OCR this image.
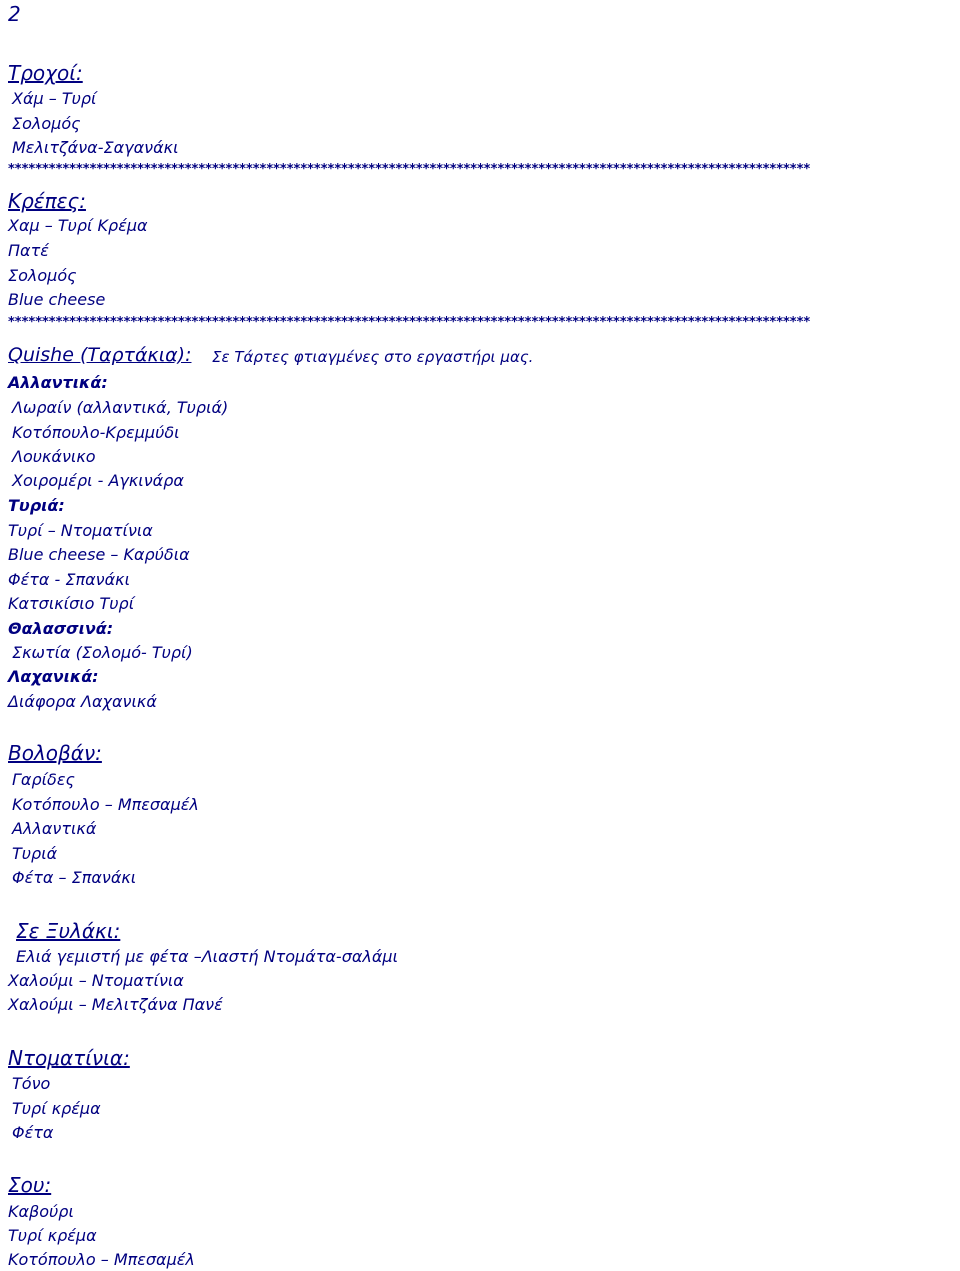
2
Τροχοί:
Χάμ – Τυρί
Σολομός
Μελιτζάνα-Σαγανάκι
**********************************************************************************************************************
Κρέπες:
Χαμ – Τυρί Κρέμα
Πατέ
Σολομός
Blue cheese
**********************************************************************************************************************
Quishe (Ταρτάκια): Σε Τάρτες φτιαγμένες στο εργαστήρι μας.
Αλλαντικά:
Λωραίν (αλλαντικά, Τυριά)
Κοτόπουλο-Κρεμμύδι
Λουκάνικο
Χοιρομέρι - Αγκινάρα
Τυριά:
Τυρί – Ντοματίνια
Blue cheese – Καρύδια
Φέτα - Σπανάκι
Κατσικίσιο Τυρί
Θαλασσινά:
Σκωτία (Σολομό- Τυρί)
Λαχανικά:
Διάφορα Λαχανικά
Βολοβάν:
Γαρίδες
Κοτόπουλο – Μπεσαμέλ
Αλλαντικά
Τυριά
Φέτα – Σπανάκι
Σε Ξυλάκι:
Ελιά γεμιστή με φέτα –Λιαστή Ντομάτα-σαλάμι
Χαλούμι – Ντοματίνια
Χαλούμι – Μελιτζάνα Πανέ
Ντοματίνια:
Τόνο
Τυρί κρέμα
Φέτα
Σου:
Καβούρι
Τυρί κρέμα
Κοτόπουλο – Μπεσαμέλ
